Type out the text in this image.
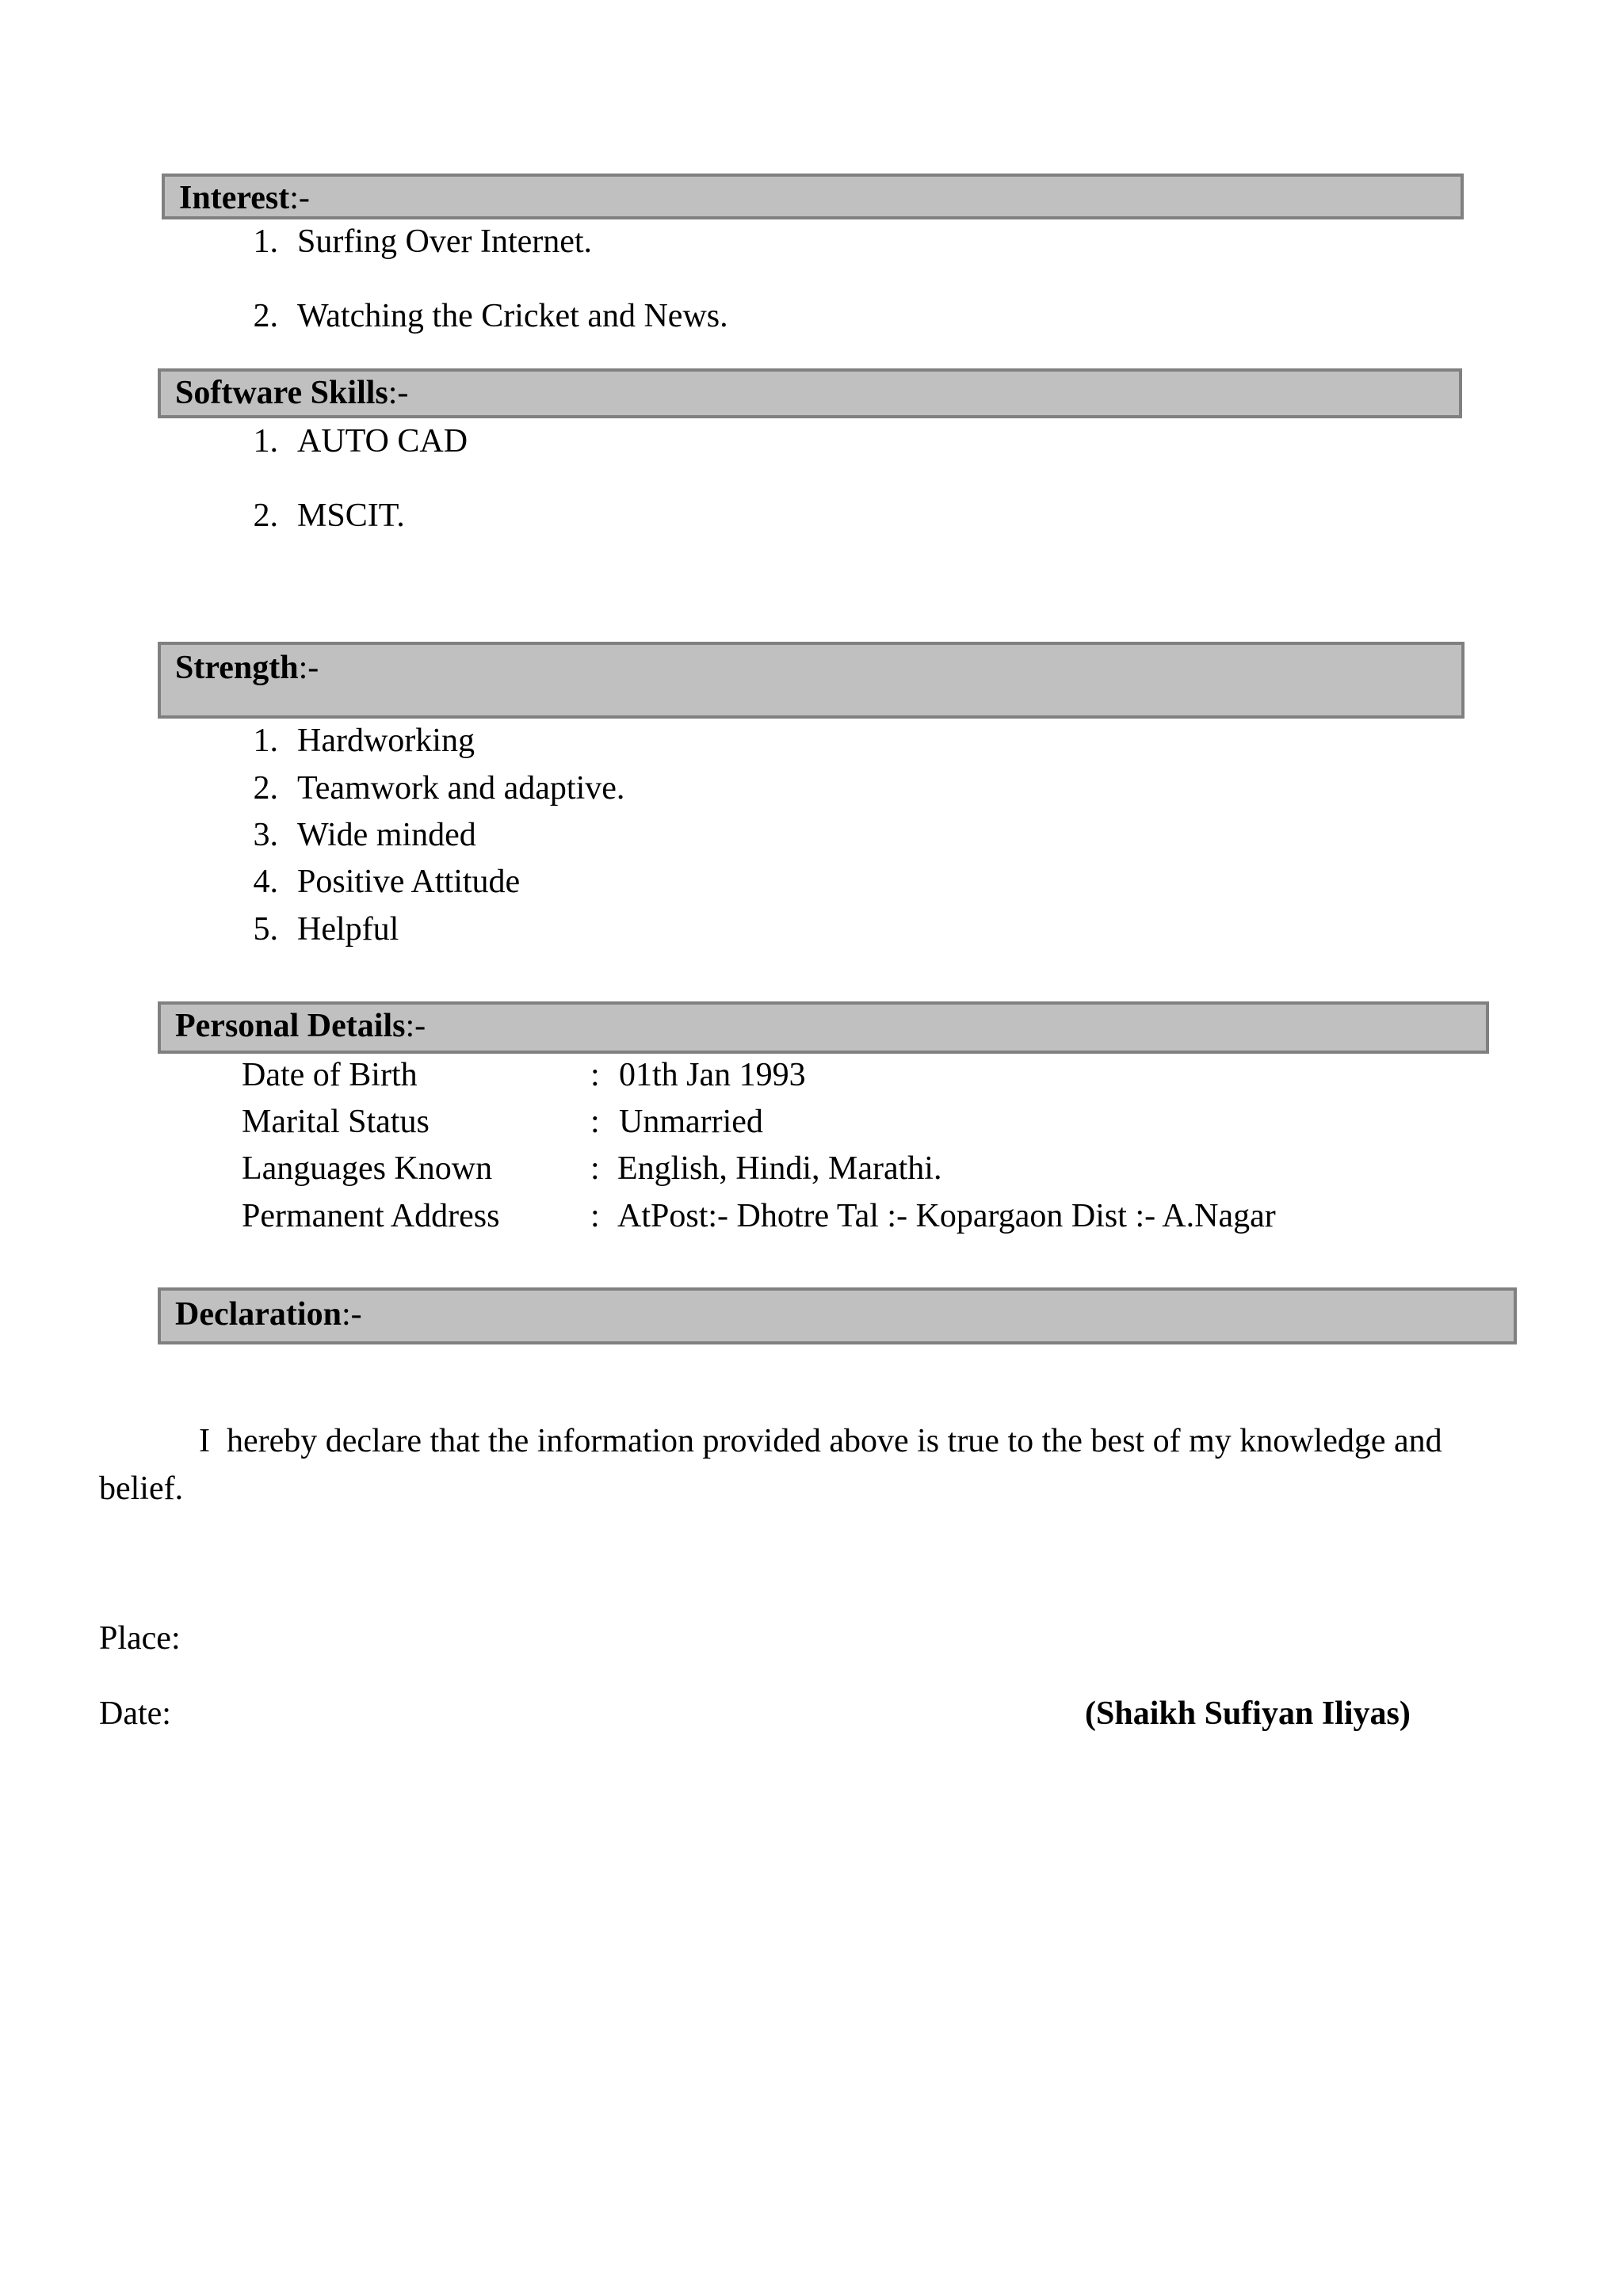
Interest:-
1. Surfing Over Internet.
2. Watching the Cricket and News.
Software Skills:-
1. AUTO CAD
2. MSCIT.
Strength:-
1. Hardworking
2. Teamwork and adaptive.
3. Wide minded
4. Positive Attitude
5. Helpful
Personal Details:-
Date of Birth	: 01th Jan 1993
Marital Status	: Unmarried
Languages Known	: English, Hindi, Marathi.
Permanent Address	: AtPost:- Dhotre Tal :- Kopargaon Dist :- A.Nagar
Declaration:-
I  hereby declare that the information provided above is true to the best of my knowledge and
belief.
Place:
Date:	(Shaikh Sufiyan Iliyas)
